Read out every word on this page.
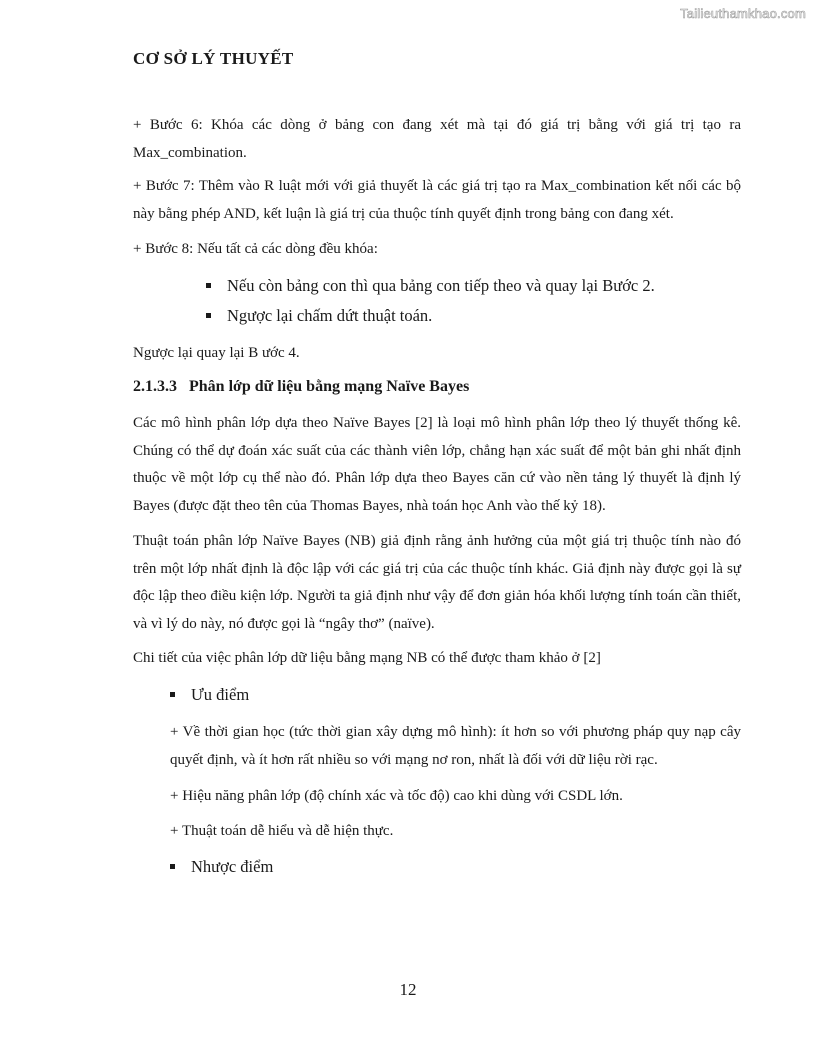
Tailieuthamkhao.com
CƠ SỞ LÝ THUYẾT
+ Bước 6: Khóa các dòng ở bảng con đang xét mà tại đó giá trị bằng với giá trị tạo ra Max_combination.
+ Bước 7: Thêm vào R luật mới với giả thuyết là các giá trị tạo ra Max_combination kết nối các bộ này bằng phép AND, kết luận là giá trị của thuộc tính quyết định trong bảng con đang xét.
+ Bước 8: Nếu tất cả các dòng đều khóa:
Nếu còn bảng con thì qua bảng con tiếp theo và quay lại Bước 2.
Ngược lại chấm dứt thuật toán.
Ngược lại quay lại B ước 4.
2.1.3.3 Phân lớp dữ liệu bằng mạng Naïve Bayes
Các mô hình phân lớp dựa theo Naïve Bayes [2] là loại mô hình phân lớp theo lý thuyết thống kê. Chúng có thể dự đoán xác suất của các thành viên lớp, chẳng hạn xác suất để một bản ghi nhất định thuộc về một lớp cụ thể nào đó. Phân lớp dựa theo Bayes căn cứ vào nền tảng lý thuyết là định lý Bayes (được đặt theo tên của Thomas Bayes, nhà toán học Anh vào thế kỷ 18).
Thuật toán phân lớp Naïve Bayes (NB) giả định rằng ảnh hưởng của một giá trị thuộc tính nào đó trên một lớp nhất định là độc lập với các giá trị của các thuộc tính khác. Giả định này được gọi là sự độc lập theo điều kiện lớp. Người ta giả định như vậy để đơn giản hóa khối lượng tính toán cần thiết, và vì lý do này, nó được gọi là “ngây thơ” (naïve).
Chi tiết của việc phân lớp dữ liệu bằng mạng NB có thể được tham khảo ở [2]
Ưu điểm
+ Về thời gian học (tức thời gian xây dựng mô hình): ít hơn so với phương pháp quy nạp cây quyết định, và ít hơn rất nhiều so với mạng nơ ron, nhất là đối với dữ liệu rời rạc.
+ Hiệu năng phân lớp (độ chính xác và tốc độ) cao khi dùng với CSDL lớn.
+ Thuật toán dễ hiểu và dễ hiện thực.
Nhược điểm
12
